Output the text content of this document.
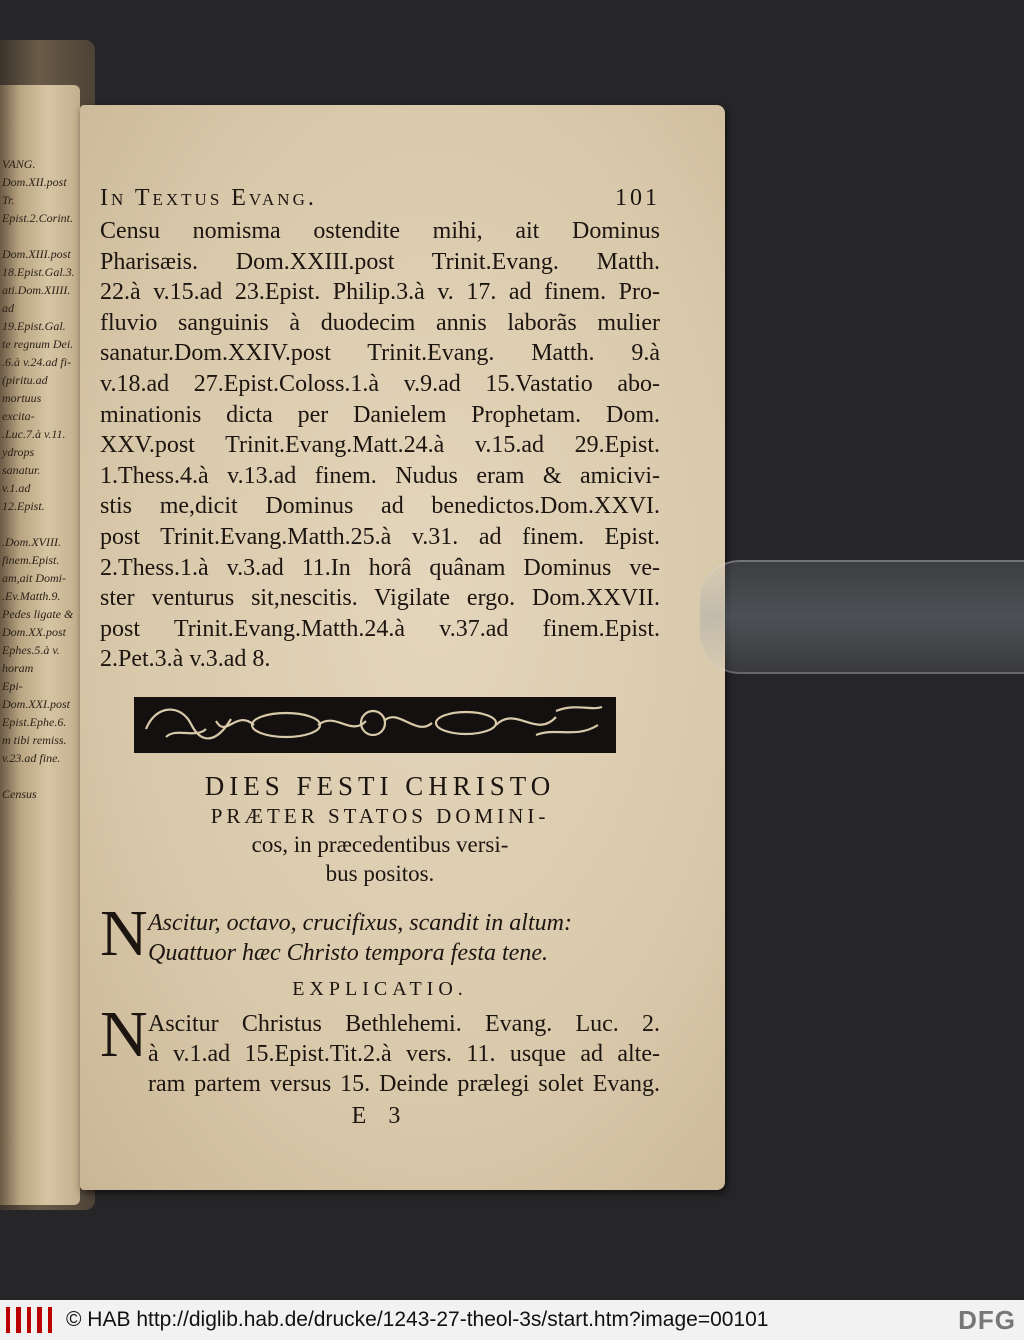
VANG.
Dom.XII.post Tr.
Epist.2.Corint.

Dom.XIII.post
18.Epist.Gal.3.
ati.Dom.XIIII.
ad 19.Epist.Gal.
te regnum Dei.
.6.à v.24.ad fi-
(piritu.ad
mortuus excita-
.Luc.7.à v.11.
ydrops sanatur.
v.1.ad 12.Epist.

.Dom.XVIII.
finem.Epist.
am,ait Domi-
.Ev.Matth.9.
Pedes ligate &
Dom.XX.post
Ephes.5.à v.
horam
Epi-
Dom.XXI.post
Epist.Ephe.6.
m tibi remiss.
v.23.ad fine.

Census
In Textus Evang.	101
Censu nomisma ostendite mihi, ait Dominus
Pharisæis. Dom.XXIII.post Trinit.Evang. Matth.
22.à v.15.ad 23.Epist. Philip.3.à v. 17. ad finem. Pro-
fluvio sanguinis à duodecim annis laborãs mulier
sanatur.Dom.XXIV.post Trinit.Evang. Matth. 9.à
v.18.ad 27.Epist.Coloss.1.à v.9.ad 15.Vastatio abo-
minationis dicta per Danielem Prophetam. Dom.
XXV.post Trinit.Evang.Matt.24.à v.15.ad 29.Epist.
1.Thess.4.à v.13.ad finem. Nudus eram & amicivi-
stis me,dicit Dominus ad benedictos.Dom.XXVI.
post Trinit.Evang.Matth.25.à v.31. ad finem. Epist.
2.Thess.1.à v.3.ad 11.In horâ quânam Dominus ve-
ster venturus sit,nescitis. Vigilate ergo. Dom.XXVII.
post Trinit.Evang.Matth.24.à v.37.ad finem.Epist.
2.Pet.3.à v.3.ad 8.
DIES FESTI CHRISTO
PRÆTER STATOS DOMINI-
cos, in præcedentibus versi-
bus positos.
N Ascitur, octavo, crucifixus, scandit in altum:
Quattuor hæc Christo tempora festa tene.
EXPLICATIO.
N Ascitur Christus Bethlehemi. Evang. Luc. 2.
à v.1.ad 15.Epist.Tit.2.à vers. 11. usque ad alte-
ram partem versus 15. Deinde prælegi solet Evang.
E 3
© HAB http://diglib.hab.de/drucke/1243-27-theol-3s/start.htm?image=00101	DFG
